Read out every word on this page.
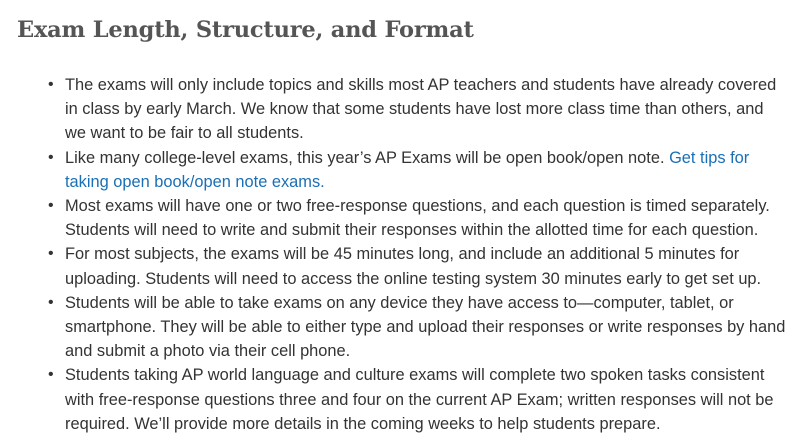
Exam Length, Structure, and Format
• The exams will only include topics and skills most AP teachers and students have already covered in class by early March. We know that some students have lost more class time than others, and we want to be fair to all students.
• Like many college-level exams, this year’s AP Exams will be open book/open note. Get tips for taking open book/open note exams.
• Most exams will have one or two free-response questions, and each question is timed separately. Students will need to write and submit their responses within the allotted time for each question.
• For most subjects, the exams will be 45 minutes long, and include an additional 5 minutes for uploading. Students will need to access the online testing system 30 minutes early to get set up.
• Students will be able to take exams on any device they have access to—computer, tablet, or smartphone. They will be able to either type and upload their responses or write responses by hand and submit a photo via their cell phone.
• Students taking AP world language and culture exams will complete two spoken tasks consistent with free-response questions three and four on the current AP Exam; written responses will not be required. We’ll provide more details in the coming weeks to help students prepare.
